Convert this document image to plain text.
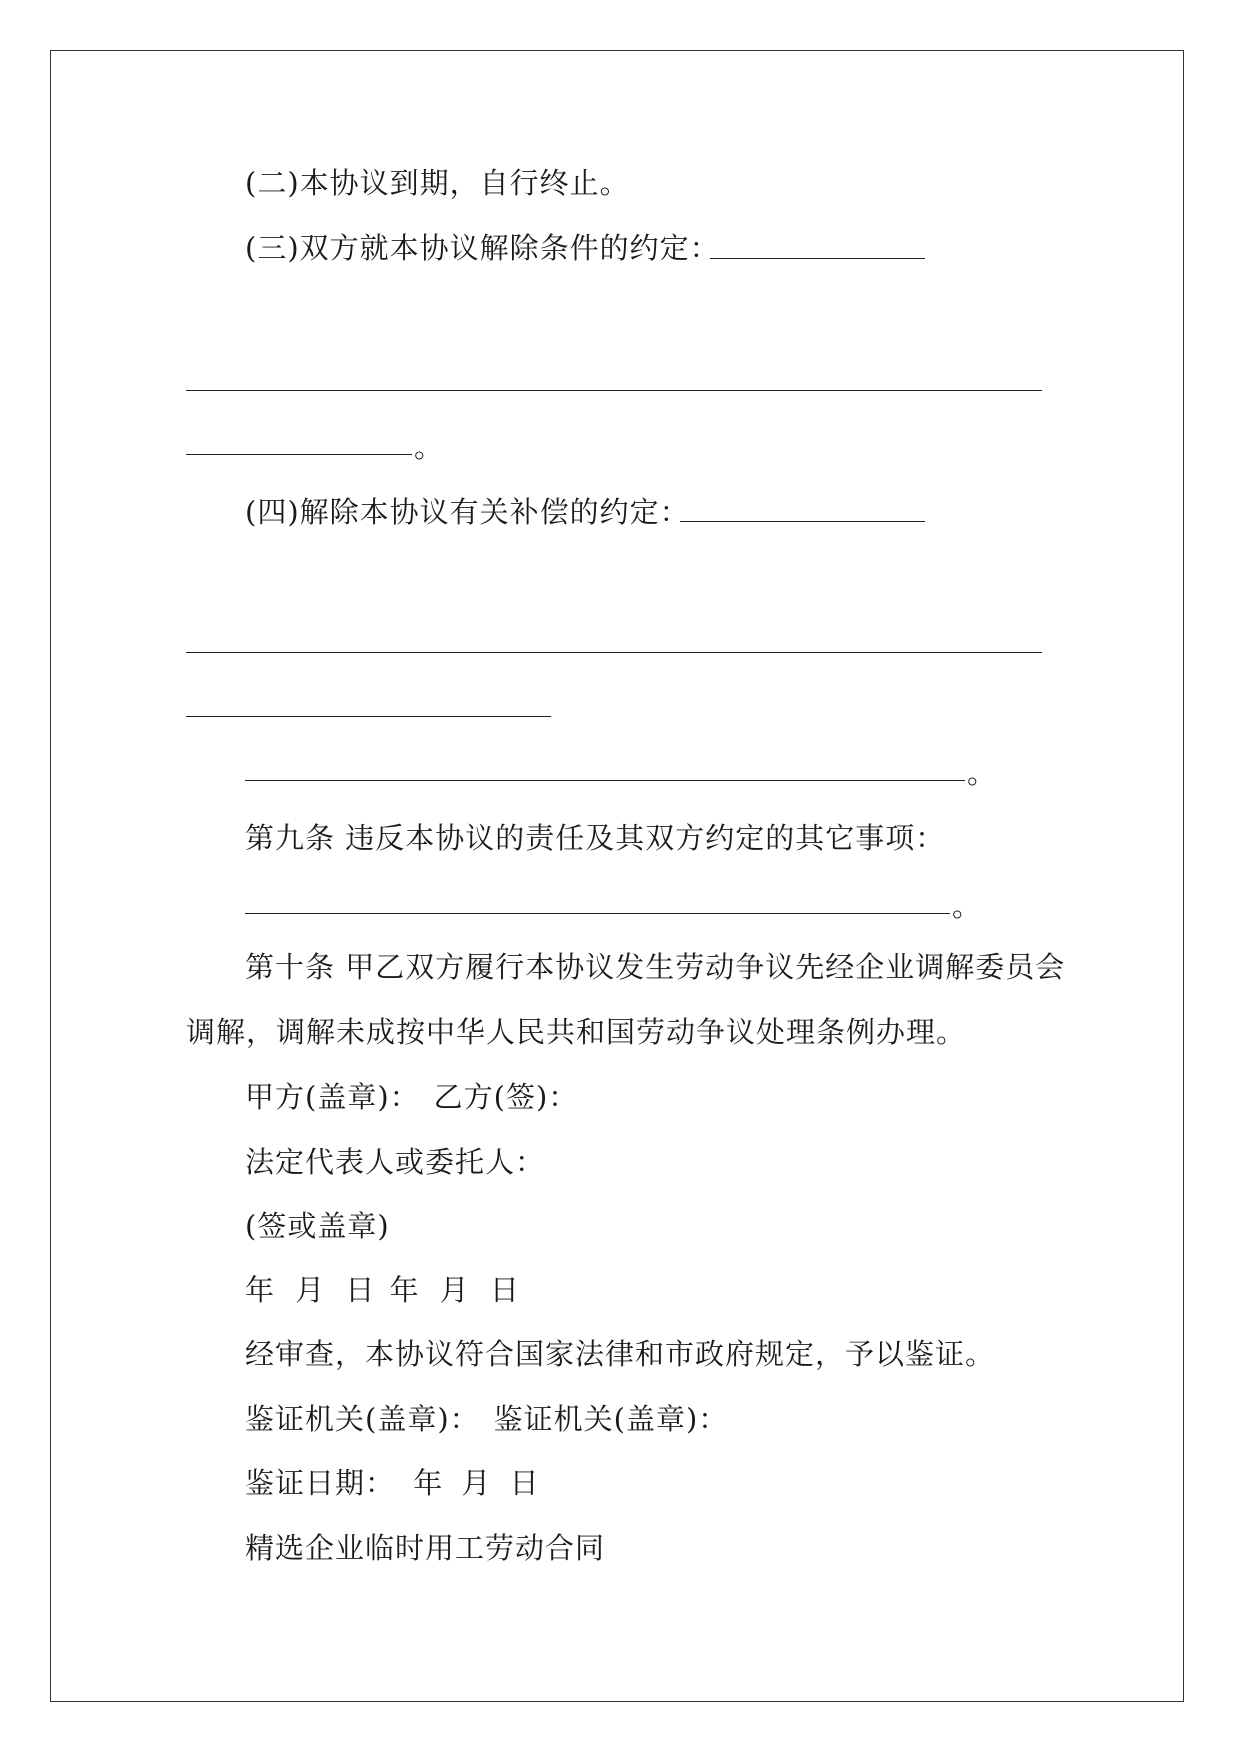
(二)本协议到期，自行终止。
(三)双方就本协议解除条件的约定：
。
(四)解除本协议有关补偿的约定：
。
第九条 违反本协议的责任及其双方约定的其它事项：
。
第十条 甲乙双方履行本协议发生劳动争议先经企业调解委员会
调解，调解未成按中华人民共和国劳动争议处理条例办理。
甲方(盖章)： 乙方(签)：
法定代表人或委托人：
(签或盖章)
年 月 日 年 月 日
经审查，本协议符合国家法律和市政府规定，予以鉴证。
鉴证机关(盖章)： 鉴证机关(盖章)：
鉴证日期： 年 月 日
精选企业临时用工劳动合同
